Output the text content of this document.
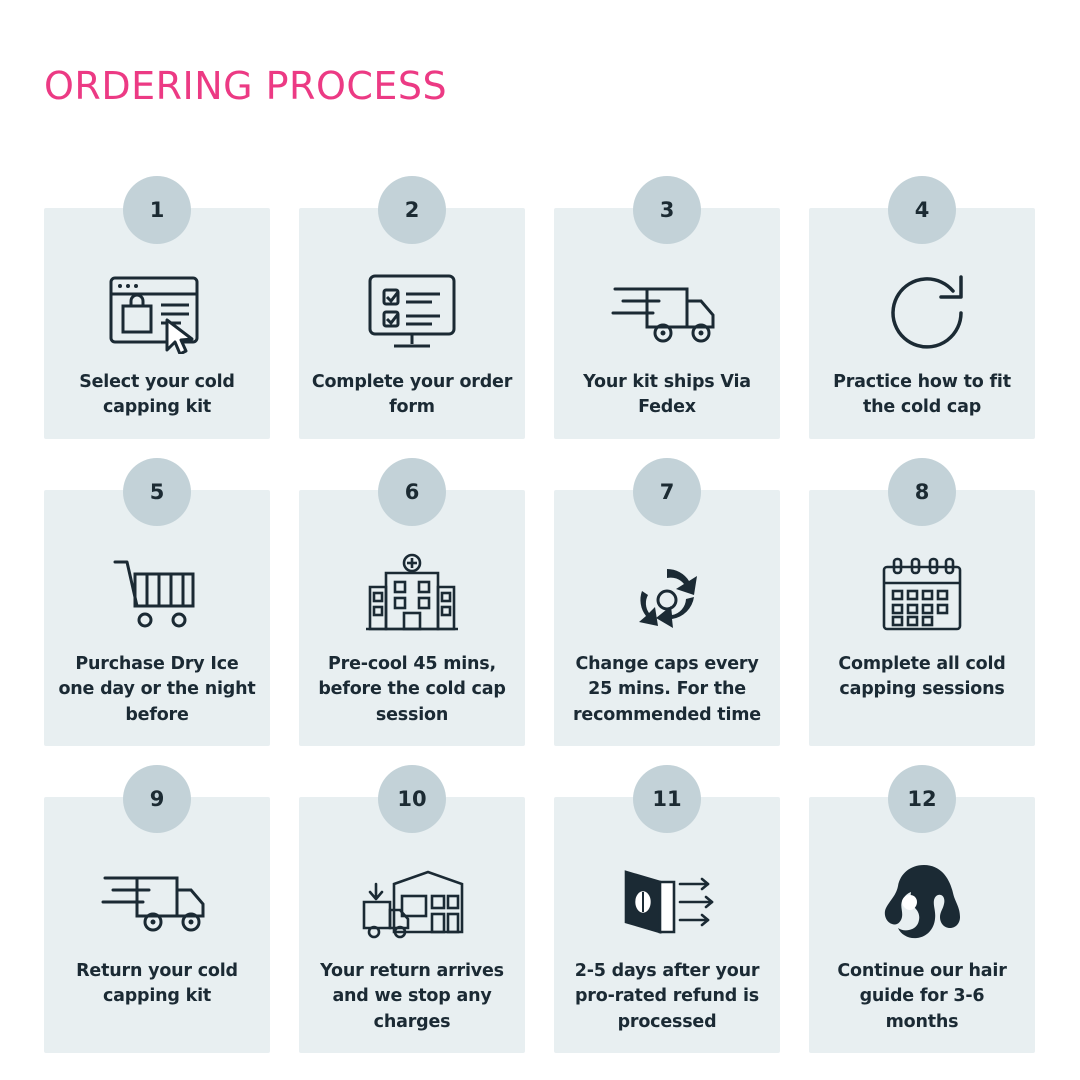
ORDERING PROCESS
1
Select your cold capping kit
2
Complete your order form
3
Your kit ships Via Fedex
4
Practice how to fit the cold cap
5
Purchase Dry Ice one day or the night before
6
Pre-cool 45 mins, before the cold cap session
7
Change caps every 25 mins. For the recommended time
8
Complete all cold capping sessions
9
Return your cold capping kit
10
Your return arrives and we stop any charges
11
2-5 days after your pro-rated refund is processed
12
Continue our hair guide for 3-6 months
